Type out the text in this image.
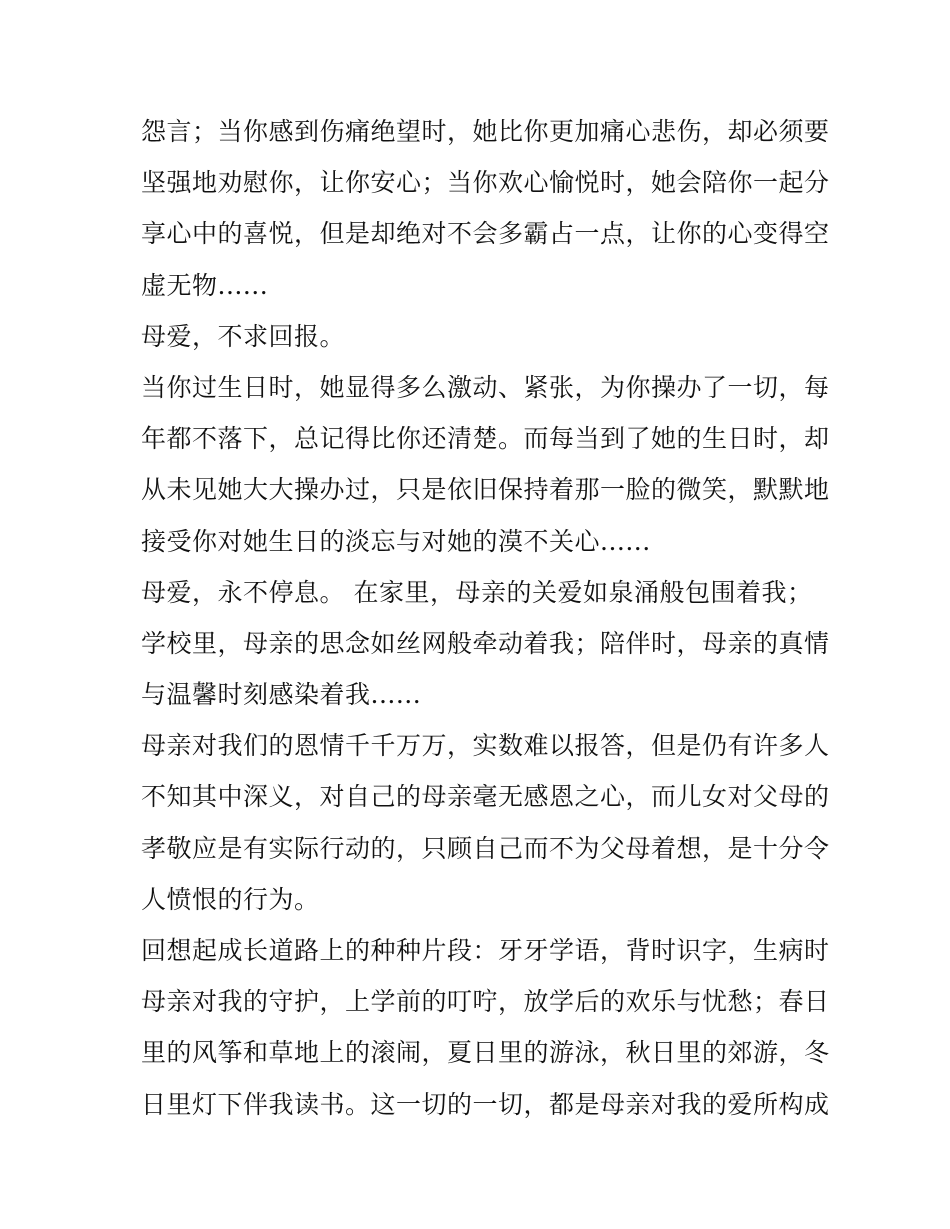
怨言；当你感到伤痛绝望时，她比你更加痛心悲伤，却必须要
坚强地劝慰你，让你安心；当你欢心愉悦时，她会陪你一起分
享心中的喜悦，但是却绝对不会多霸占一点，让你的心变得空
虚无物......
母爱，不求回报。
当你过生日时，她显得多么激动、紧张，为你操办了一切，每
年都不落下，总记得比你还清楚。而每当到了她的生日时，却
从未见她大大操办过，只是依旧保持着那一脸的微笑，默默地
接受你对她生日的淡忘与对她的漠不关心......
母爱，永不停息。 在家里，母亲的关爱如泉涌般包围着我；
学校里，母亲的思念如丝网般牵动着我；陪伴时，母亲的真情
与温馨时刻感染着我......
母亲对我们的恩情千千万万，实数难以报答，但是仍有许多人
不知其中深义，对自己的母亲毫无感恩之心，而儿女对父母的
孝敬应是有实际行动的，只顾自己而不为父母着想，是十分令
人愤恨的行为。
回想起成长道路上的种种片段：牙牙学语，背时识字，生病时
母亲对我的守护，上学前的叮咛，放学后的欢乐与忧愁；春日
里的风筝和草地上的滚闹，夏日里的游泳，秋日里的郊游，冬
日里灯下伴我读书。这一切的一切，都是母亲对我的爱所构成
